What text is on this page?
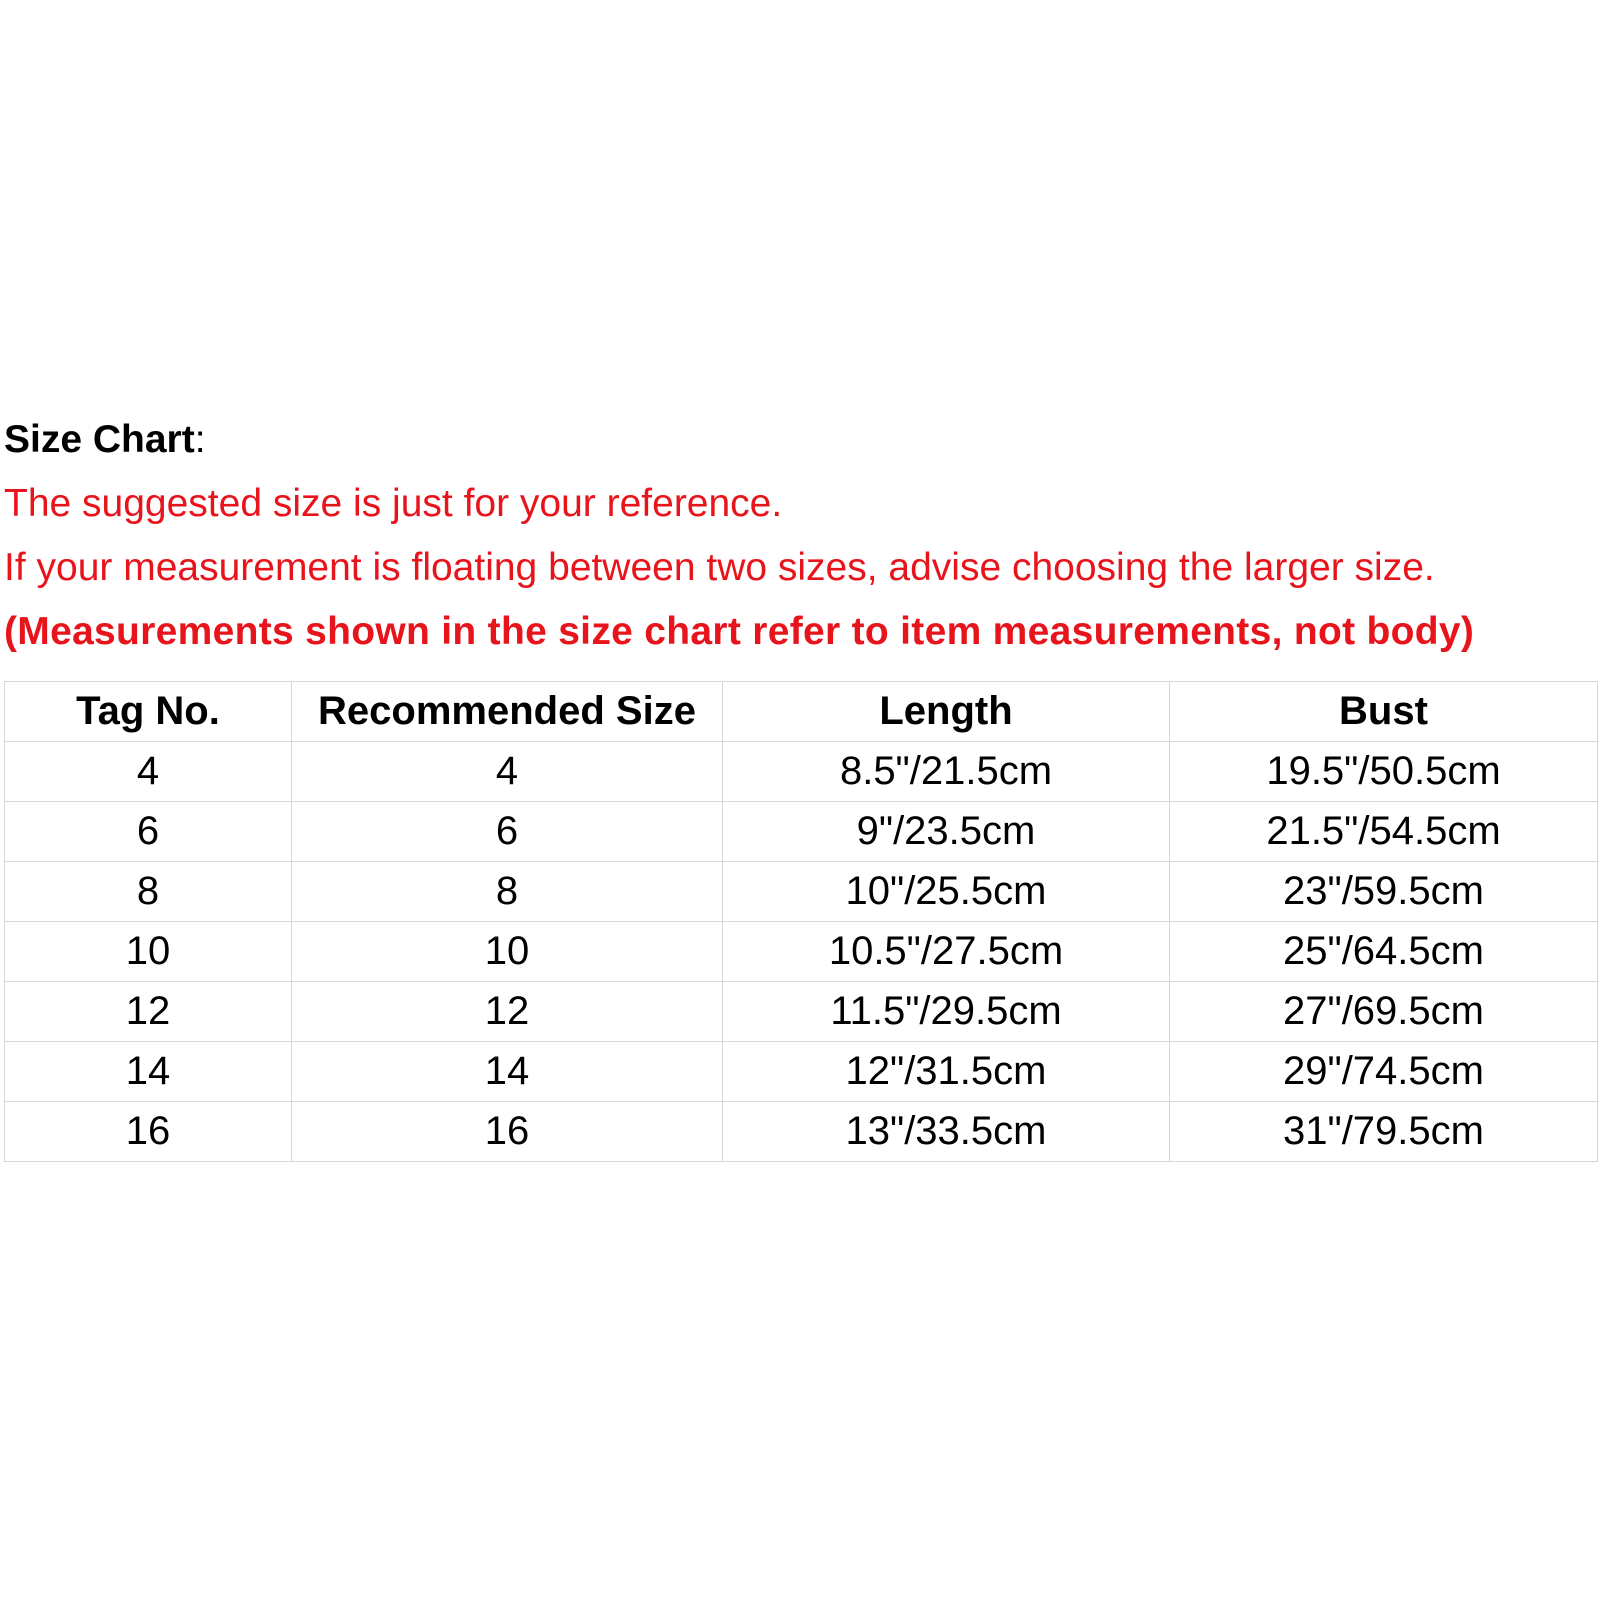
Size Chart:

The suggested size is just for your reference.

If your measurement is floating between two sizes, advise choosing the larger size.

(Measurements shown in the size chart refer to item measurements, not body)

Tag No.	Recommended Size	Length	Bust
4	4	8.5"/21.5cm	19.5"/50.5cm
6	6	9"/23.5cm	21.5"/54.5cm
8	8	10"/25.5cm	23"/59.5cm
10	10	10.5"/27.5cm	25"/64.5cm
12	12	11.5"/29.5cm	27"/69.5cm
14	14	12"/31.5cm	29"/74.5cm
16	16	13"/33.5cm	31"/79.5cm
